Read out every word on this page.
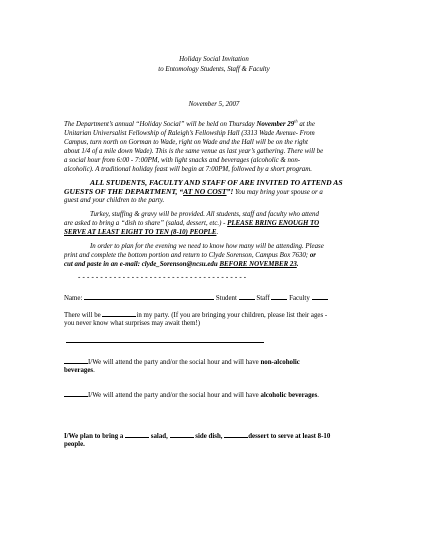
Holiday Social Invitation
to Entomology Students, Staff & Faculty
November 5, 2007
The Department’s annual “Holiday Social” will be held on Thursday November 29th at the
Unitarian Universalist Fellowship of Raleigh’s Fellowship Hall (3313 Wade Avenue- From
Campus, turn north on Gorman to Wade, right on Wade and the Hall will be on the right
about 1/4 of a mile down Wade). This is the same venue as last year’s gathering. There will be
a social hour from 6:00 - 7:00PM, with light snacks and beverages (alcoholic & non-
alcoholic). A traditional holiday feast will begin at 7:00PM, followed by a short program.
ALL STUDENTS, FACULTY AND STAFF OF ARE INVITED TO ATTEND AS
GUESTS OF THE DEPARTMENT, “AT NO COST”! You may bring your spouse or a
guest and your children to the party.
Turkey, stuffing & gravy will be provided. All students, staff and faculty who attend
are asked to bring a “dish to share” (salad, dessert, etc.) - PLEASE BRING ENOUGH TO
SERVE AT LEAST EIGHT TO TEN (8-10) PEOPLE.
In order to plan for the evening we need to know how many will be attending. Please
print and complete the bottom portion and return to Clyde Sorenson, Campus Box 7630; or
cut and paste in an e-mail: clyde_Sorenson@ncsu.edu BEFORE NOVEMBER 23.
- - - - - - - - - - - - - - - - - - - - - - - - - - - - - - - - - - - - - -
Name:	Student	Staff	Faculty
There will be	in my party. (If you are bringing your children, please list their ages -
you never know what surprises may await them!)
I/We will attend the party and/or the social hour and will have non-alcoholic
beverages.
I/We will attend the party and/or the social hour and will have alcoholic beverages.
I/We plan to bring a	salad,	side dish,	dessert to serve at least 8-10
people.
